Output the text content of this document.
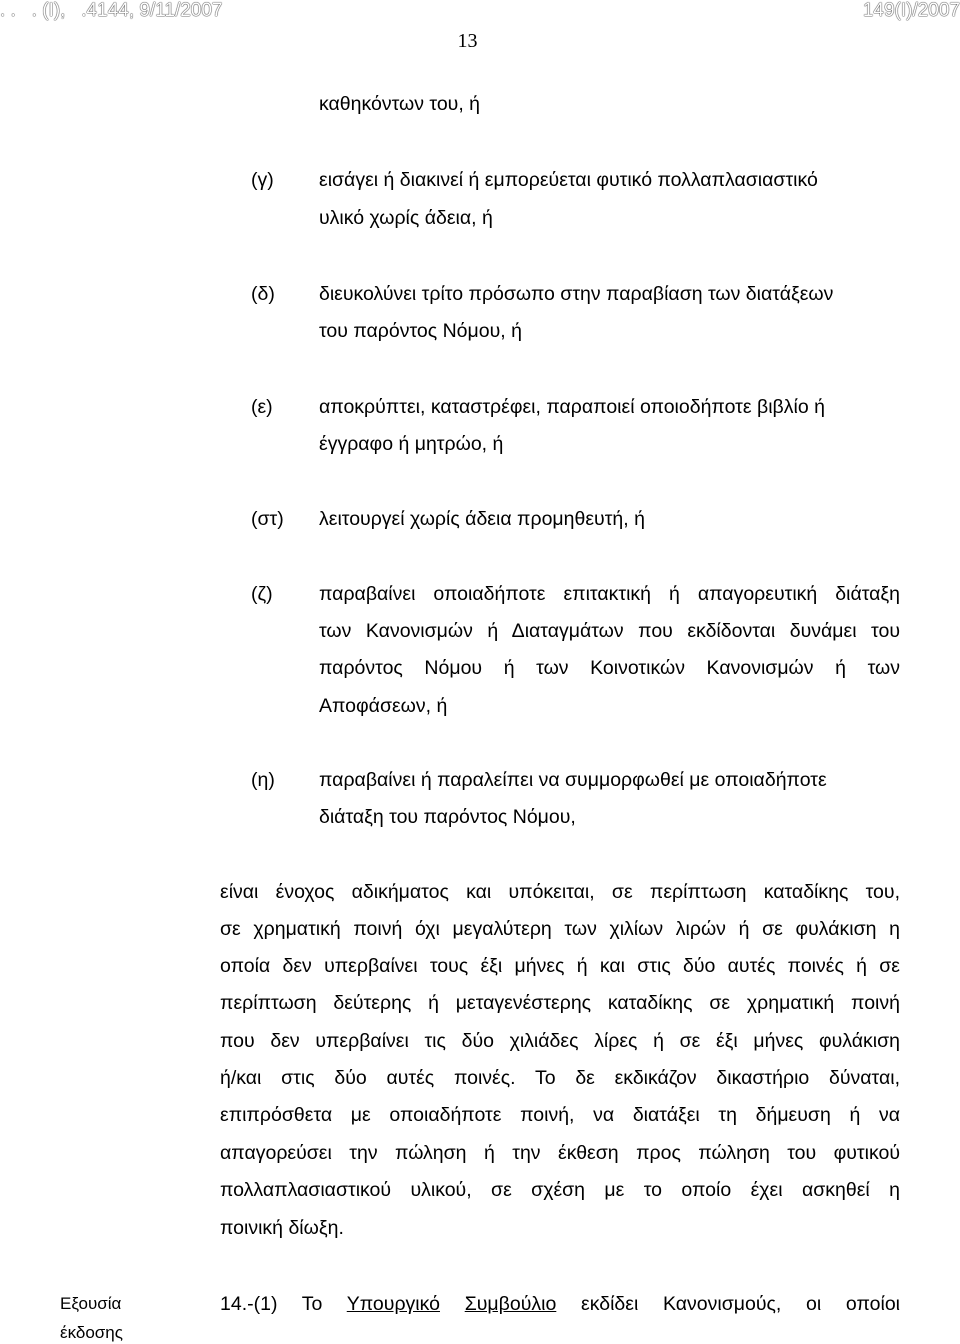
. .   . (Ι),   .4144, 9/11/2007	149(Ι)/2007
13
καθηκόντων του, ή
(γ) εισάγει ή διακινεί ή εμπορεύεται φυτικό πολλαπλασιαστικό
υλικό χωρίς άδεια, ή
(δ) διευκολύνει τρίτο πρόσωπο στην παραβίαση των διατάξεων
του παρόντος Νόμου, ή
(ε) αποκρύπτει, καταστρέφει, παραποιεί οποιοδήποτε βιβλίο ή
έγγραφο ή μητρώο, ή
(στ) λειτουργεί χωρίς άδεια προμηθευτή, ή
(ζ) παραβαίνει οποιαδήποτε επιτακτική ή απαγορευτική διάταξη
των Κανονισμών ή Διαταγμάτων που εκδίδονται δυνάμει του
παρόντος Νόμου ή των Κοινοτικών Κανονισμών ή των
Αποφάσεων, ή
(η) παραβαίνει ή παραλείπει να συμμορφωθεί με οποιαδήποτε
διάταξη του παρόντος Νόμου,
είναι ένοχος αδικήματος και υπόκειται, σε περίπτωση καταδίκης του,
σε χρηματική ποινή όχι μεγαλύτερη των χιλίων λιρών ή σε φυλάκιση η
οποία δεν υπερβαίνει τους έξι μήνες ή και στις δύο αυτές ποινές ή σε
περίπτωση δεύτερης ή μεταγενέστερης καταδίκης σε χρηματική ποινή
που δεν υπερβαίνει τις δύο χιλιάδες λίρες ή σε έξι μήνες φυλάκιση
ή/και στις δύο αυτές ποινές. Το δε εκδικάζον δικαστήριο δύναται,
επιπρόσθετα με οποιαδήποτε ποινή, να διατάξει τη δήμευση ή να
απαγορεύσει την πώληση ή την έκθεση προς πώληση του φυτικού
πολλαπλασιαστικού υλικού, σε σχέση με το οποίο έχει ασκηθεί η
ποινική δίωξη.
Εξουσία
έκδοσης
14.-(1) Το Υπουργικό Συμβούλιο εκδίδει Κανονισμούς, οι οποίοι
